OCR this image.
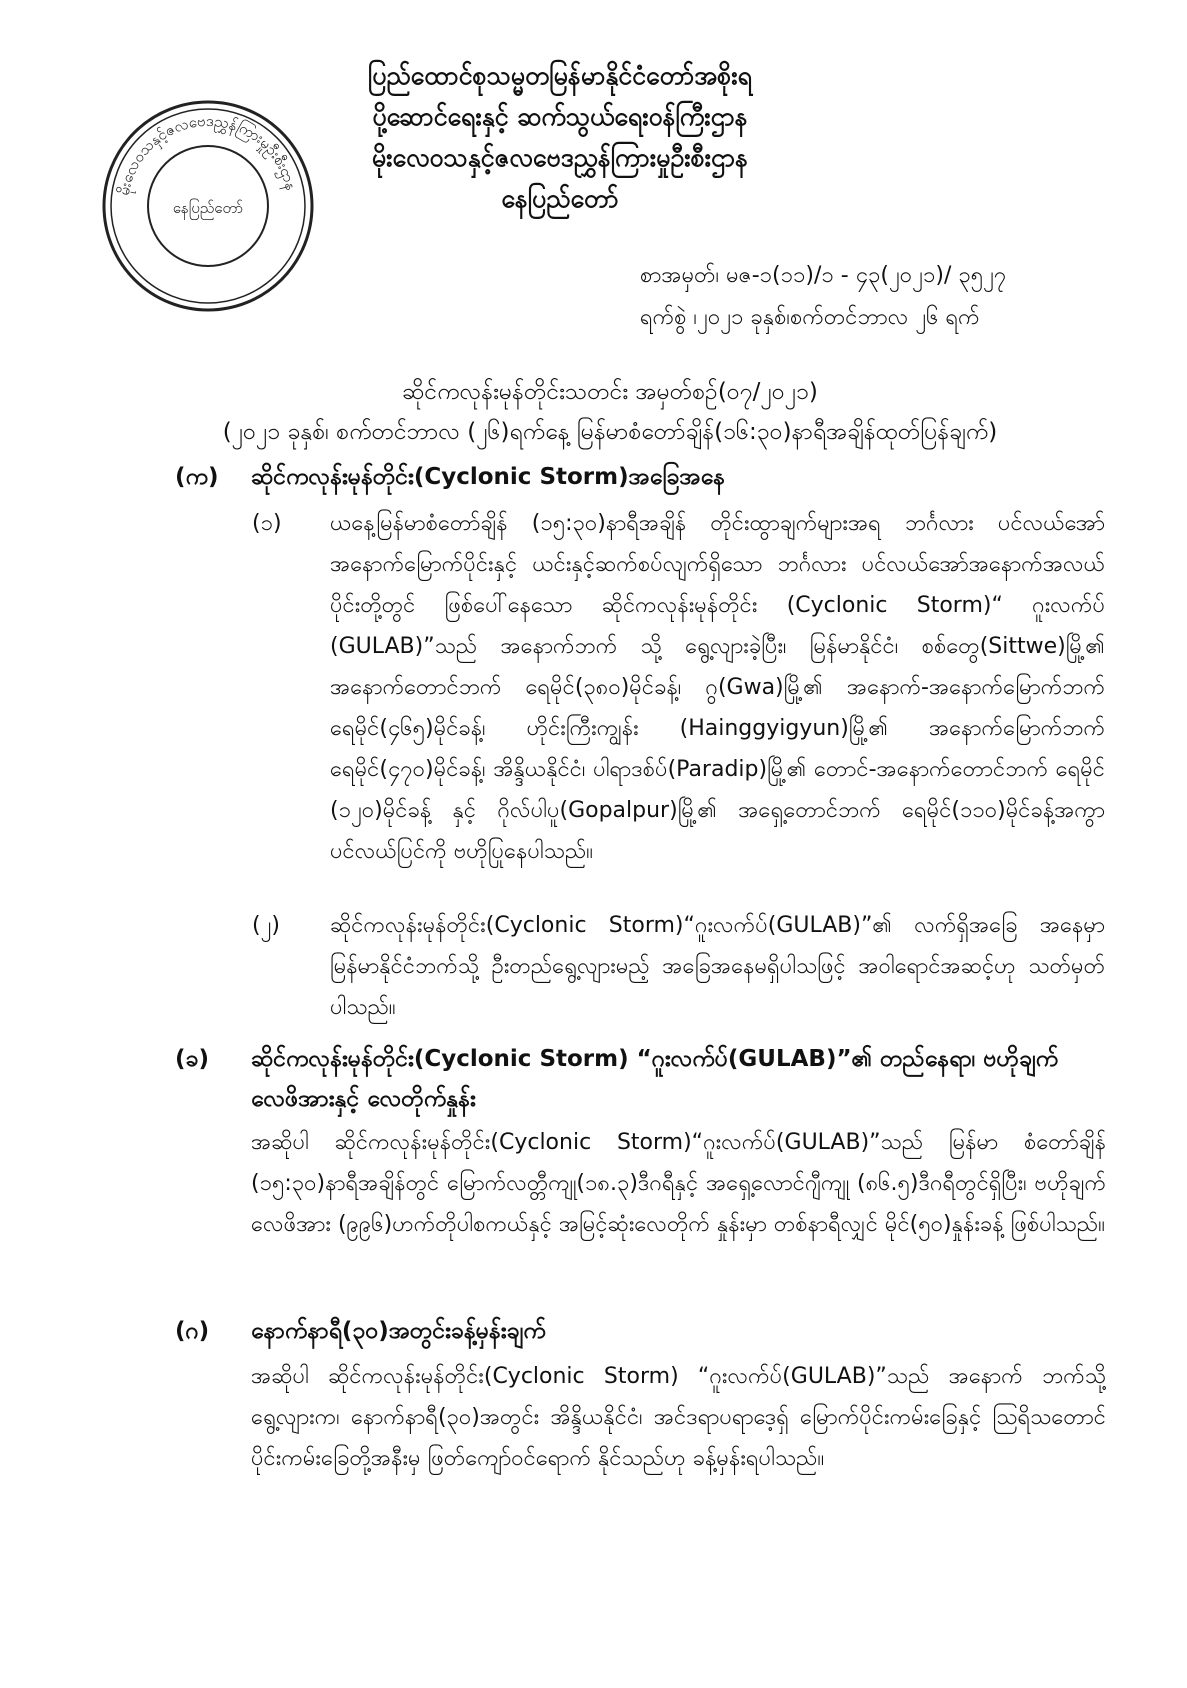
မိုးလေဝသနှင့်ဇလဗေဒညွှန်ကြားမှုဦးစီးဌာန
နေပြည်တော်
ပြည်ထောင်စုသမ္မတမြန်မာနိုင်ငံတော်အစိုးရ
ပို့ဆောင်ရေးနှင့် ဆက်သွယ်ရေးဝန်ကြီးဌာန
မိုးလေဝသနှင့်ဇလဗေဒညွှန်ကြားမှုဦးစီးဌာန
နေပြည်တော်
စာအမှတ်၊ မဇ-၁(၁၁)/၁ - ၄၃(၂၀၂၁)/ ၃၅၂၇
ရက်စွဲ ၊၂၀၂၁ ခုနှစ်၊စက်တင်ဘာလ ၂၆ ရက်
ဆိုင်ကလုန်းမုန်တိုင်းသတင်း အမှတ်စဉ်(၀၇/၂၀၂၁)
(၂၀၂၁ ခုနှစ်၊ စက်တင်ဘာလ (၂၆)ရက်နေ့ မြန်မာစံတော်ချိန်(၁၆:၃၀)နာရီအချိန်ထုတ်ပြန်ချက်)
(က)	ဆိုင်ကလုန်းမုန်တိုင်း(Cyclonic Storm)အခြေအနေ
(၁) ယနေ့မြန်မာစံတော်ချိန် (၁၅:၃၀)နာရီအချိန် တိုင်းထွာချက်များအရ ဘင်္ဂလား ပင်လယ်အော်အနောက်မြောက်ပိုင်းနှင့် ယင်းနှင့်ဆက်စပ်လျက်ရှိသော ဘင်္ဂလား ပင်လယ်အော်အနောက်အလယ်ပိုင်းတို့တွင် ဖြစ်ပေါ်နေသော ဆိုင်ကလုန်းမုန်တိုင်း (Cyclonic Storm)“ ဂူးလက်ပ် (GULAB)”သည် အနောက်ဘက် သို့ ရွေ့လျားခဲ့ပြီး၊ မြန်မာနိုင်ငံ၊ စစ်တွေ(Sittwe)မြို့၏ အနောက်တောင်ဘက် ရေမိုင်(၃၈၀)မိုင်ခန့်၊ ဂွ(Gwa)မြို့၏ အနောက်-အနောက်မြောက်ဘက် ရေမိုင်(၄၆၅)မိုင်ခန့်၊ ဟိုင်းကြီးကျွန်း (Hainggyigyun)မြို့၏ အနောက်မြောက်ဘက် ရေမိုင်(၄၇၀)မိုင်ခန့်၊ အိန္ဒိယနိုင်ငံ၊ ပါရာဒစ်ပ်(Paradip)မြို့၏ တောင်-အနောက်တောင်ဘက် ရေမိုင် (၁၂၀)မိုင်ခန့် နှင့် ဂိုလ်ပါပူ(Gopalpur)မြို့၏ အရှေ့တောင်ဘက် ရေမိုင်(၁၁၀)မိုင်ခန့်အကွာ ပင်လယ်ပြင်ကို ဗဟိုပြုနေပါသည်။
(၂) ဆိုင်ကလုန်းမုန်တိုင်း(Cyclonic Storm)“ဂူးလက်ပ်(GULAB)”၏ လက်ရှိအခြေ အနေမှာ မြန်မာနိုင်ငံဘက်သို့ ဦးတည်ရွေ့လျားမည့် အခြေအနေမရှိပါသဖြင့် အဝါရောင်အဆင့်ဟု သတ်မှတ်ပါသည်။
(ခ)	ဆိုင်ကလုန်းမုန်တိုင်း(Cyclonic Storm) “ဂူးလက်ပ်(GULAB)”၏ တည်နေရာ၊ ဗဟိုချက်
လေဖိအားနှင့် လေတိုက်နှုန်း
အဆိုပါ ဆိုင်ကလုန်းမုန်တိုင်း(Cyclonic Storm)“ဂူးလက်ပ်(GULAB)”သည် မြန်မာ စံတော်ချိန် (၁၅:၃၀)နာရီအချိန်တွင် မြောက်လတ္တီကျု(၁၈.၃)ဒီဂရီနှင့် အရှေ့လောင်ဂျီကျု (၈၆.၅)ဒီဂရီတွင်ရှိပြီး၊ ဗဟိုချက်လေဖိအား (၉၉၆)ဟက်တိုပါစကယ်နှင့် အမြင့်ဆုံးလေတိုက် နှုန်းမှာ တစ်နာရီလျှင် မိုင်(၅၀)နှုန်းခန့် ဖြစ်ပါသည်။
(ဂ)	နောက်နာရီ(၃၀)အတွင်းခန့်မှန်းချက်
အဆိုပါ ဆိုင်ကလုန်းမုန်တိုင်း(Cyclonic Storm) “ဂူးလက်ပ်(GULAB)”သည် အနောက် ဘက်သို့ ရွေ့လျားက၊ နောက်နာရီ(၃၀)အတွင်း အိန္ဒိယနိုင်ငံ၊ အင်ဒရာပရာဒေ့ရှ် မြောက်ပိုင်းကမ်းခြေနှင့် ဩရိသတောင်ပိုင်းကမ်းခြေတို့အနီးမှ ဖြတ်ကျော်ဝင်ရောက် နိုင်သည်ဟု ခန့်မှန်းရပါသည်။
